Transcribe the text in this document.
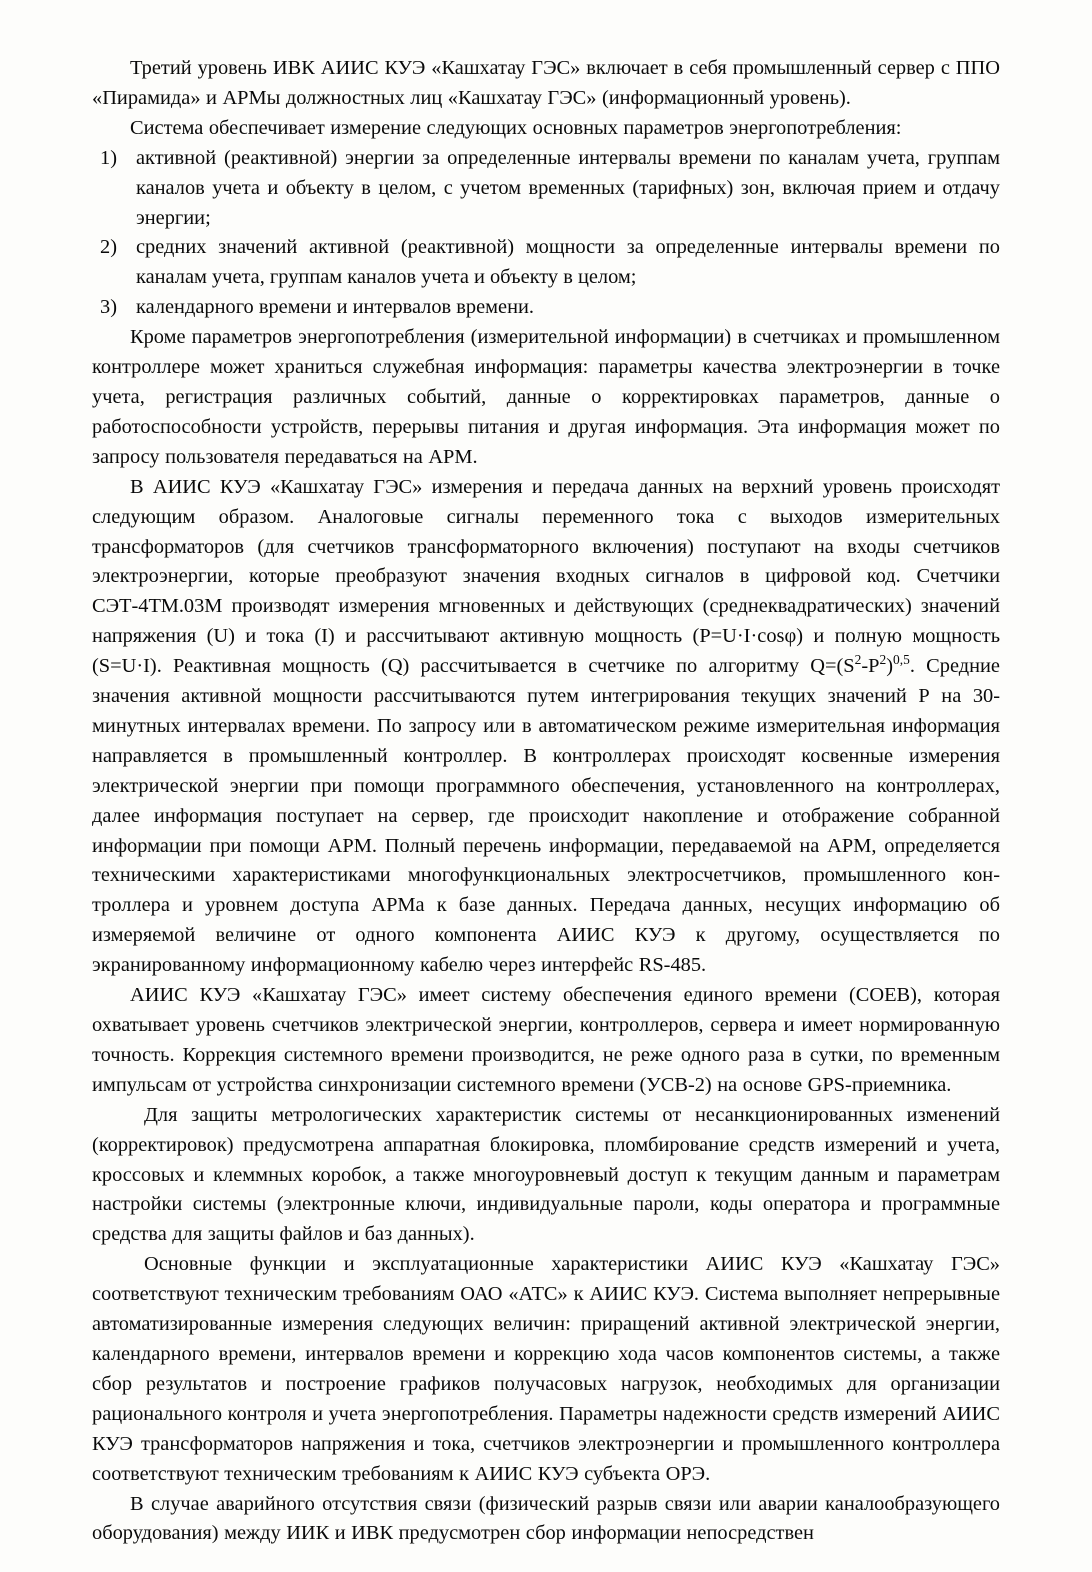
Третий уровень ИВК АИИС КУЭ «Кашхатау ГЭС» включает в себя промышленный сервер с ППО «Пирамида» и АРМы должностных лиц «Кашхатау ГЭС» (информационный уровень).

Система обеспечивает измерение следующих основных параметров энергопотребления:

1) активной (реактивной) энергии за определенные интервалы времени по каналам учета, группам каналов учета и объекту в целом, с учетом временных (тарифных) зон, включая прием и отдачу энергии;
2) средних значений активной (реактивной) мощности за определенные интервалы времени по каналам учета, группам каналов учета и объекту в целом;
3) календарного времени и интервалов времени.

Кроме параметров энергопотребления (измерительной информации) в счетчиках и промышленном контроллере может храниться служебная информация: параметры качества электроэнергии в точке учета, регистрация различных событий, данные о корректировках параметров, данные о работоспособности устройств, перерывы питания и другая информация. Эта информация может по запросу пользователя передаваться на АРМ.

В АИИС КУЭ «Кашхатау ГЭС» измерения и передача данных на верхний уровень происходят следующим образом. Аналоговые сигналы переменного тока с выходов измерительных трансформаторов (для счетчиков трансформаторного включения) поступают на входы счетчиков электроэнергии, которые преобразуют значения входных сигналов в цифровой код. Счетчики СЭТ-4ТМ.03М производят измерения мгновенных и действующих (среднеквадратических) значений напряжения (U) и тока (I) и рассчитывают активную мощность (P=U·I·cosφ) и полную мощность (S=U·I). Реактивная мощность (Q) рассчитывается в счетчике по алгоритму $Q=(S^2-P^2)^{0,5}$. Средние значения активной мощности рассчитываются путем интегрирования текущих значений Р на 30-минутных интервалах времени. По запросу или в автоматическом режиме измерительная информация направляется в промышленный контроллер. В контроллерах происходят косвенные измерения электрической энергии при помощи программного обеспечения, установленного на контроллерах, далее информация поступает на сервер, где происходит накопление и отображение собранной информации при помощи АРМ. Полный перечень информации, передаваемой на АРМ, определяется техническими характеристиками многофункциональных электросчетчиков, промышленного контроллера и уровнем доступа АРМа к базе данных. Передача данных, несущих информацию об измеряемой величине от одного компонента АИИС КУЭ к другому, осуществляется по экранированному информационному кабелю через интерфейс RS-485.

АИИС КУЭ «Кашхатау ГЭС» имеет систему обеспечения единого времени (СОЕВ), которая охватывает уровень счетчиков электрической энергии, контроллеров, сервера и имеет нормированную точность. Коррекция системного времени производится, не реже одного раза в сутки, по временным импульсам от устройства синхронизации системного времени (УСВ-2) на основе GPS-приемника.

Для защиты метрологических характеристик системы от несанкционированных изменений (корректировок) предусмотрена аппаратная блокировка, пломбирование средств измерений и учета, кроссовых и клеммных коробок, а также многоуровневый доступ к текущим данным и параметрам настройки системы (электронные ключи, индивидуальные пароли, коды оператора и программные средства для защиты файлов и баз данных).

Основные функции и эксплуатационные характеристики АИИС КУЭ «Кашхатау ГЭС» соответствуют техническим требованиям ОАО «АТС» к АИИС КУЭ. Система выполняет непрерывные автоматизированные измерения следующих величин: приращений активной электрической энергии, календарного времени, интервалов времени и коррекцию хода часов компонентов системы, а также сбор результатов и построение графиков получасовых нагрузок, необходимых для организации рационального контроля и учета энергопотребления. Параметры надежности средств измерений АИИС КУЭ трансформаторов напряжения и тока, счетчиков электроэнергии и промышленного контроллера соответствуют техническим требованиям к АИИС КУЭ субъекта ОРЭ.

В случае аварийного отсутствия связи (физический разрыв связи или аварии каналообразующего оборудования) между ИИК и ИВК предусмотрен сбор информации непосредствен
